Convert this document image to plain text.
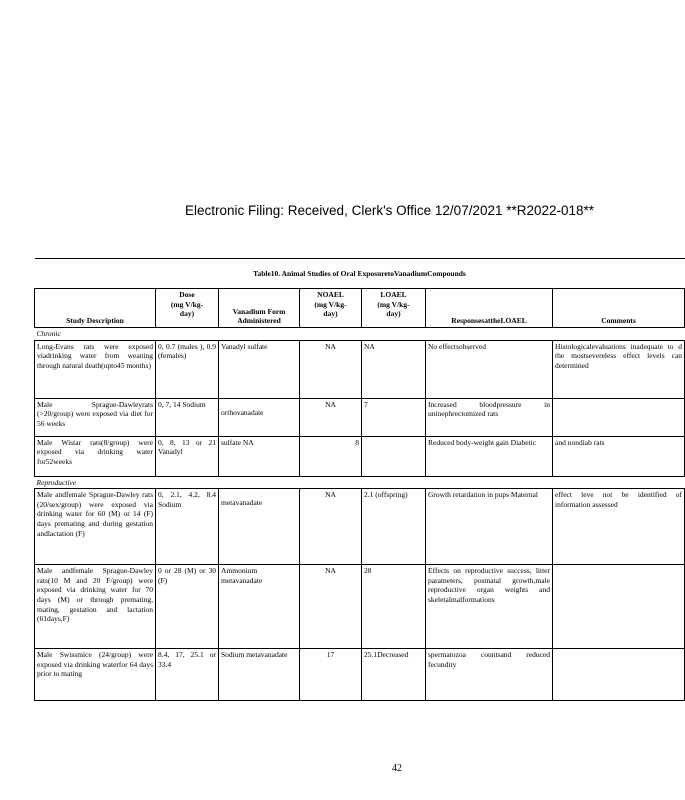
Electronic Filing: Received, Clerk's Office 12/07/2021 **R2022-018**
Table10. Animal Studies of Oral ExposuretoVanadiumCompounds						
Study Description	Dose
(mg V/kg-
day)	Vanadium Form
Administered	NOAEL
(mg V/kg-
day)	LOAEL
(mg V/kg-
day)	ResponsesattheLOAEL	Comments
Chronic						
Long-Evans rats were exposed viadrinking water from weaning through natural death(upto45 months)	0, 0.7 (males ), 0.9 (females)	Vanadyl sulfate	NA	NA	No effectsobserved	Histologicalevaluations inadequate to d the mostsevereless effect levels can determined
Male Sprague-Dawleyrats (>20/group) were exposed via diet for 56 weeks	0, 7, 14 Sodium	orthovanadate	NA	7	Increased bloodpressure in uninephrectomized rats	
Male Wistar rats(8/group) were exposed via drinking water for52weeks	0, 8, 13 or 21 Vanadyl	sulfate NA	8		Reduced body-weight gain Diabetic	and nondiab rats
Reproductive						
Male andfemale Sprague-Dawley rats (20/sex/group) were exposed via drinking water for 60 (M) or 14 (F) days premating and during gestation andlactation (F)	0, 2.1, 4.2, 8.4 Sodium	metavanadate	NA	2.1 (offspring)	Growth retardation in pups Maternal	effect leve not be identified of information assessed
Male andfemale Sprague-Dawley rats(10 M and 20 F/group) were exposed via drinking water for 70 days (M) or through premating, mating, gestation and lactation (61days,F)	0 or 28 (M) or 30 (F)	Ammonium metavanadate	NA	28	Effects on reproductive success, litter parameters, postnatal growth,male reproductive organ weights and skeletalmalformations	
Male Swissmice (24/group) were exposed via drinking waterfor 64 days prior to mating	8.4, 17, 25.1 or 33.4	Sodium metavanadate	17	25.1Decreased	spermatozoa countsand reduced fecundity	
42
